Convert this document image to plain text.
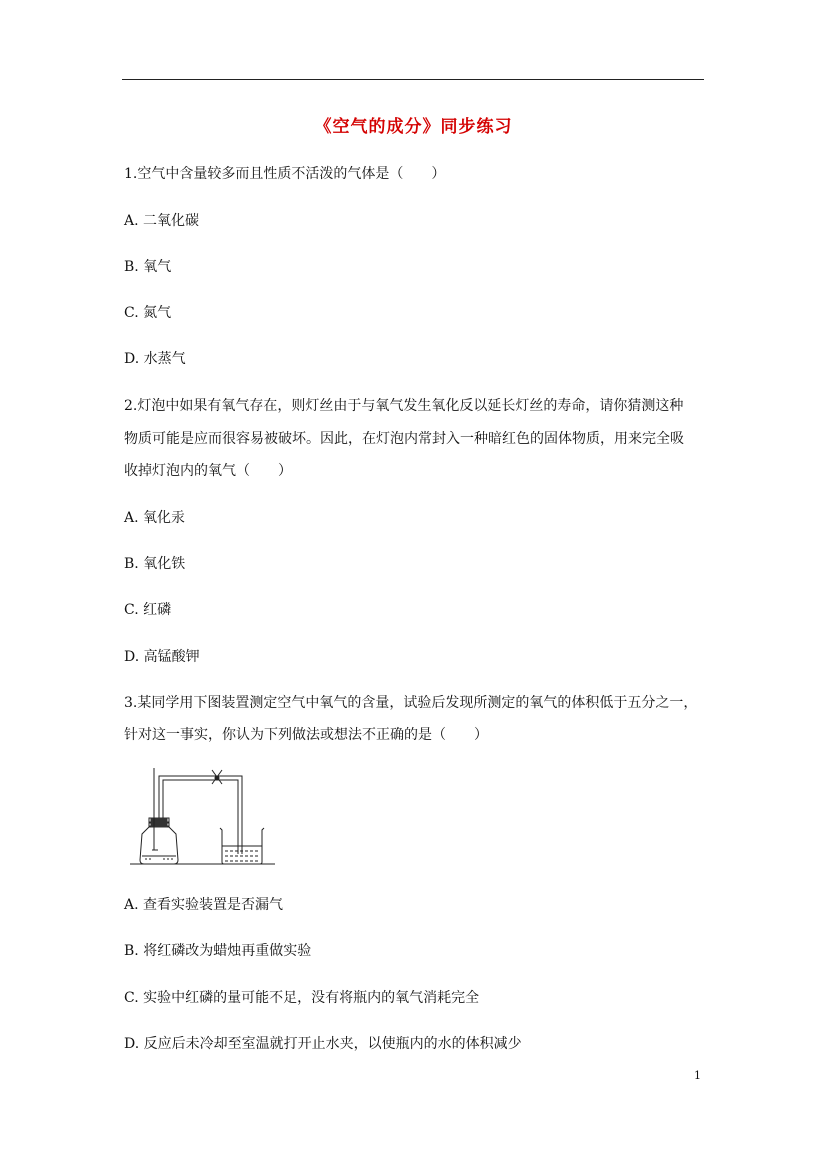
《空气的成分》同步练习
1.空气中含量较多而且性质不活泼的气体是（　　）
A. 二氧化碳
B. 氧气
C. 氮气
D. 水蒸气
2.灯泡中如果有氧气存在，则灯丝由于与氧气发生氧化反以延长灯丝的寿命，请你猜测这种
物质可能是应而很容易被破坏。因此，在灯泡内常封入一种暗红色的固体物质，用来完全吸
收掉灯泡内的氧气（　　）
A. 氧化汞
B. 氧化铁
C. 红磷
D. 高锰酸钾
3.某同学用下图装置测定空气中氧气的含量，试验后发现所测定的氧气的体积低于五分之一，
针对这一事实，你认为下列做法或想法不正确的是（　　）
A. 查看实验装置是否漏气
B. 将红磷改为蜡烛再重做实验
C. 实验中红磷的量可能不足，没有将瓶内的氧气消耗完全
D. 反应后未冷却至室温就打开止水夹，以使瓶内的水的体积减少
1
